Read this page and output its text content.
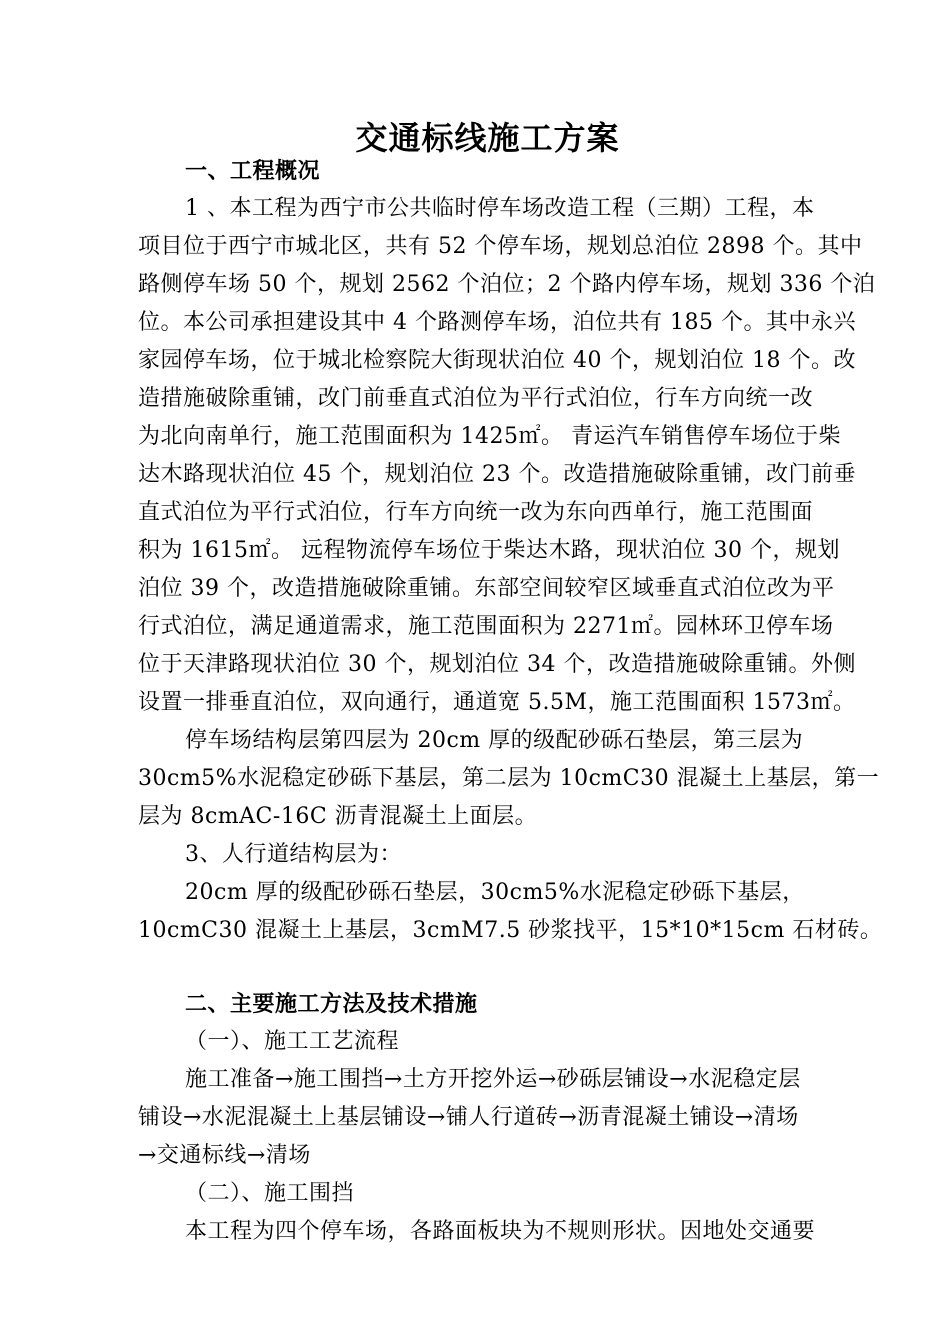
交通标线施工方案
一、工程概况
1 、本工程为西宁市公共临时停车场改造工程（三期）工程，本
项目位于西宁市城北区，共有 52 个停车场，规划总泊位 2898 个。其中
路侧停车场 50 个，规划 2562 个泊位；2 个路内停车场，规划 336 个泊
位。本公司承担建设其中 4 个路测停车场，泊位共有 185 个。其中永兴
家园停车场，位于城北检察院大街现状泊位 40 个，规划泊位 18 个。改
造措施破除重铺，改门前垂直式泊位为平行式泊位，行车方向统一改
为北向南单行，施工范围面积为 1425㎡。 青运汽车销售停车场位于柴
达木路现状泊位 45 个，规划泊位 23 个。改造措施破除重铺，改门前垂
直式泊位为平行式泊位，行车方向统一改为东向西单行，施工范围面
积为 1615㎡。 远程物流停车场位于柴达木路，现状泊位 30 个，规划
泊位 39 个，改造措施破除重铺。东部空间较窄区域垂直式泊位改为平
行式泊位，满足通道需求，施工范围面积为 2271㎡。园林环卫停车场
位于天津路现状泊位 30 个，规划泊位 34 个，改造措施破除重铺。外侧
设置一排垂直泊位，双向通行，通道宽 5.5M，施工范围面积 1573㎡。
停车场结构层第四层为 20cm 厚的级配砂砾石垫层，第三层为
30cm5%水泥稳定砂砾下基层，第二层为 10cmC30 混凝土上基层，第一
层为 8cmAC-16C 沥青混凝土上面层。
3、人行道结构层为：
20cm 厚的级配砂砾石垫层，30cm5%水泥稳定砂砾下基层，
10cmC30 混凝土上基层，3cmM7.5 砂浆找平，15*10*15cm 石材砖。
二、主要施工方法及技术措施
（一）、施工工艺流程
施工准备→施工围挡→土方开挖外运→砂砾层铺设→水泥稳定层
铺设→水泥混凝土上基层铺设→铺人行道砖→沥青混凝土铺设→清场
→交通标线→清场
（二）、施工围挡
本工程为四个停车场，各路面板块为不规则形状。因地处交通要
